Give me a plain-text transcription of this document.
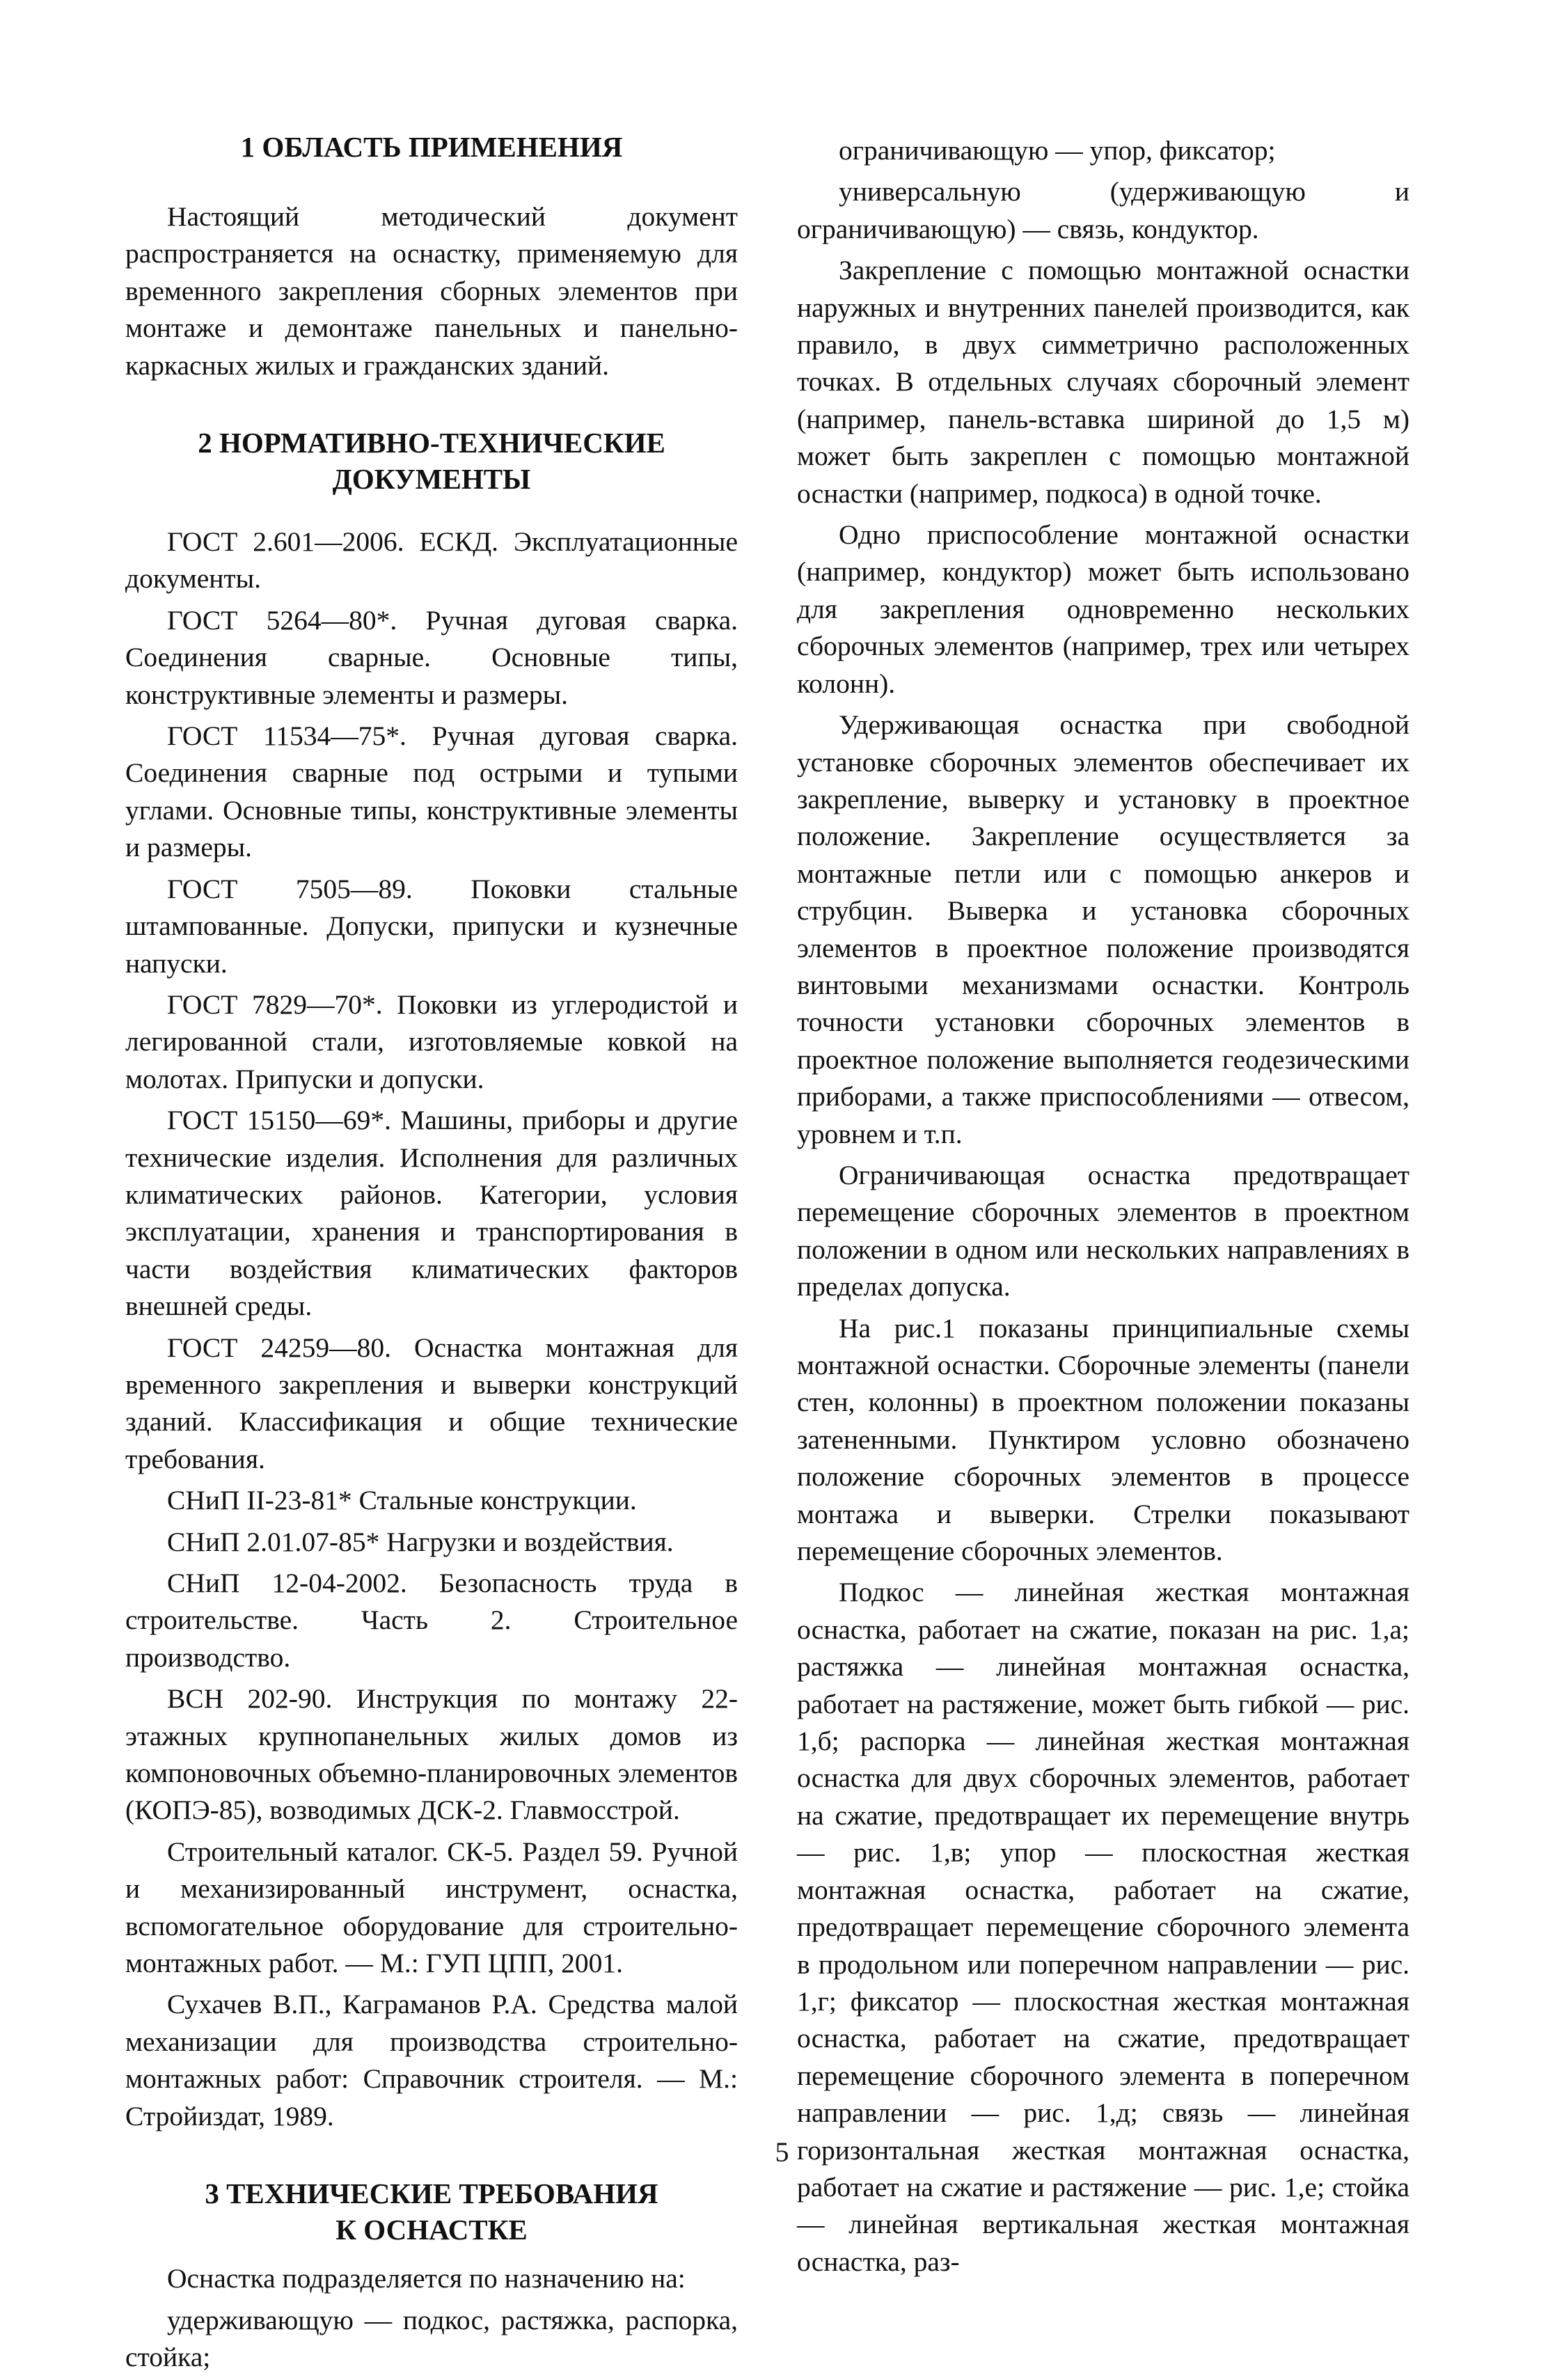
1 ОБЛАСТЬ ПРИМЕНЕНИЯ

Настоящий методический документ распространяется на оснастку, применяемую для временного закрепления сборных элементов при монтаже и демонтаже панельных и панельно-каркасных жилых и гражданских зданий.

2 НОРМАТИВНО-ТЕХНИЧЕСКИЕ
ДОКУМЕНТЫ

ГОСТ 2.601—2006. ЕСКД. Эксплуатационные документы.

ГОСТ 5264—80*. Ручная дуговая сварка. Соединения сварные. Основные типы, конструктивные элементы и размеры.

ГОСТ 11534—75*. Ручная дуговая сварка. Соединения сварные под острыми и тупыми углами. Основные типы, конструктивные элементы и размеры.

ГОСТ 7505—89. Поковки стальные штампованные. Допуски, припуски и кузнечные напуски.

ГОСТ 7829—70*. Поковки из углеродистой и легированной стали, изготовляемые ковкой на молотах. Припуски и допуски.

ГОСТ 15150—69*. Машины, приборы и другие технические изделия. Исполнения для различных климатических районов. Категории, условия эксплуатации, хранения и транспортирования в части воздействия климатических факторов внешней среды.

ГОСТ 24259—80. Оснастка монтажная для временного закрепления и выверки конструкций зданий. Классификация и общие технические требования.

СНиП II-23-81* Стальные конструкции.

СНиП 2.01.07-85* Нагрузки и воздействия.

СНиП 12-04-2002. Безопасность труда в строительстве. Часть 2. Строительное производство.

ВСН 202-90. Инструкция по монтажу 22-этажных крупнопанельных жилых домов из компоновочных объемно-планировочных элементов (КОПЭ-85), возводимых ДСК-2. Главмосстрой.

Строительный каталог. СК-5. Раздел 59. Ручной и механизированный инструмент, оснастка, вспомогательное оборудование для строительно-монтажных работ. — М.: ГУП ЦПП, 2001.

Сухачев В.П., Каграманов Р.А. Средства малой механизации для производства строительно-монтажных работ: Справочник строителя. — М.: Стройиздат, 1989.

3 ТЕХНИЧЕСКИЕ ТРЕБОВАНИЯ
К ОСНАСТКЕ

Оснастка подразделяется по назначению на:

удерживающую — подкос, растяжка, распорка, стойка;

ограничивающую — упор, фиксатор;

универсальную (удерживающую и ограничивающую) — связь, кондуктор.

Закрепление с помощью монтажной оснастки наружных и внутренних панелей производится, как правило, в двух симметрично расположенных точках. В отдельных случаях сборочный элемент (например, панель-вставка шириной до 1,5 м) может быть закреплен с помощью монтажной оснастки (например, подкоса) в одной точке.

Одно приспособление монтажной оснастки (например, кондуктор) может быть использовано для закрепления одновременно нескольких сборочных элементов (например, трех или четырех колонн).

Удерживающая оснастка при свободной установке сборочных элементов обеспечивает их закрепление, выверку и установку в проектное положение. Закрепление осуществляется за монтажные петли или с помощью анкеров и струбцин. Выверка и установка сборочных элементов в проектное положение производятся винтовыми механизмами оснастки. Контроль точности установки сборочных элементов в проектное положение выполняется геодезическими приборами, а также приспособлениями — отвесом, уровнем и т.п.

Ограничивающая оснастка предотвращает перемещение сборочных элементов в проектном положении в одном или нескольких направлениях в пределах допуска.

На рис.1 показаны принципиальные схемы монтажной оснастки. Сборочные элементы (панели стен, колонны) в проектном положении показаны затененными. Пунктиром условно обозначено положение сборочных элементов в процессе монтажа и выверки. Стрелки показывают перемещение сборочных элементов.

Подкос — линейная жесткая монтажная оснастка, работает на сжатие, показан на рис. 1,а; растяжка — линейная монтажная оснастка, работает на растяжение, может быть гибкой — рис. 1,б; распорка — линейная жесткая монтажная оснастка для двух сборочных элементов, работает на сжатие, предотвращает их перемещение внутрь — рис. 1,в; упор — плоскостная жесткая монтажная оснастка, работает на сжатие, предотвращает перемещение сборочного элемента в продольном или поперечном направлении — рис. 1,г; фиксатор — плоскостная жесткая монтажная оснастка, работает на сжатие, предотвращает перемещение сборочного элемента в поперечном направлении — рис. 1,д; связь — линейная горизонтальная жесткая монтажная оснастка, работает на сжатие и растяжение — рис. 1,е; стойка — линейная вертикальная жесткая монтажная оснастка, раз-

5
